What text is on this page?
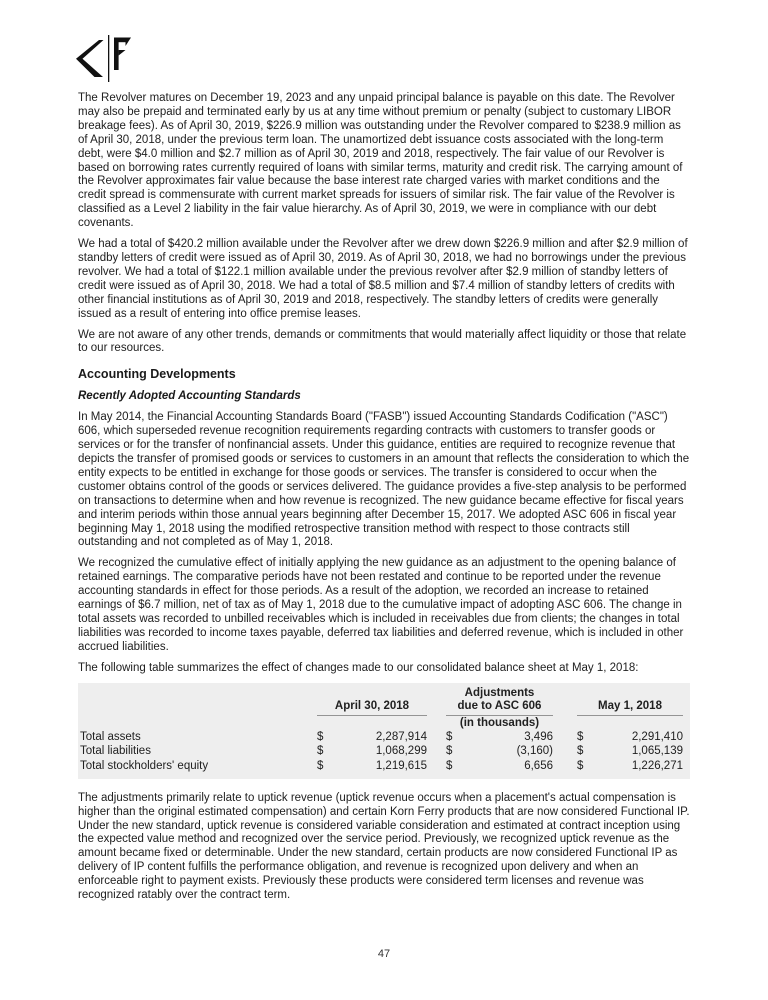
The Revolver matures on December 19, 2023 and any unpaid principal balance is payable on this date. The Revolver may also be prepaid and terminated early by us at any time without premium or penalty (subject to customary LIBOR breakage fees). As of April 30, 2019, $226.9 million was outstanding under the Revolver compared to $238.9 million as of April 30, 2018, under the previous term loan. The unamortized debt issuance costs associated with the long-term debt, were $4.0 million and $2.7 million as of April 30, 2019 and 2018, respectively. The fair value of our Revolver is based on borrowing rates currently required of loans with similar terms, maturity and credit risk. The carrying amount of the Revolver approximates fair value because the base interest rate charged varies with market conditions and the credit spread is commensurate with current market spreads for issuers of similar risk. The fair value of the Revolver is classified as a Level 2 liability in the fair value hierarchy. As of April 30, 2019, we were in compliance with our debt covenants.

We had a total of $420.2 million available under the Revolver after we drew down $226.9 million and after $2.9 million of standby letters of credit were issued as of April 30, 2019. As of April 30, 2018, we had no borrowings under the previous revolver. We had a total of $122.1 million available under the previous revolver after $2.9 million of standby letters of credit were issued as of April 30, 2018. We had a total of $8.5 million and $7.4 million of standby letters of credits with other financial institutions as of April 30, 2019 and 2018, respectively. The standby letters of credits were generally issued as a result of entering into office premise leases.

We are not aware of any other trends, demands or commitments that would materially affect liquidity or those that relate to our resources.

Accounting Developments
Recently Adopted Accounting Standards

In May 2014, the Financial Accounting Standards Board ("FASB") issued Accounting Standards Codification ("ASC") 606, which superseded revenue recognition requirements regarding contracts with customers to transfer goods or services or for the transfer of nonfinancial assets. Under this guidance, entities are required to recognize revenue that depicts the transfer of promised goods or services to customers in an amount that reflects the consideration to which the entity expects to be entitled in exchange for those goods or services. The transfer is considered to occur when the customer obtains control of the goods or services delivered. The guidance provides a five-step analysis to be performed on transactions to determine when and how revenue is recognized. The new guidance became effective for fiscal years and interim periods within those annual years beginning after December 15, 2017. We adopted ASC 606 in fiscal year beginning May 1, 2018 using the modified retrospective transition method with respect to those contracts still outstanding and not completed as of May 1, 2018.

We recognized the cumulative effect of initially applying the new guidance as an adjustment to the opening balance of retained earnings. The comparative periods have not been restated and continue to be reported under the revenue accounting standards in effect for those periods. As a result of the adoption, we recorded an increase to retained earnings of $6.7 million, net of tax as of May 1, 2018 due to the cumulative impact of adopting ASC 606. The change in total assets was recorded to unbilled receivables which is included in receivables due from clients; the changes in total liabilities was recorded to income taxes payable, deferred tax liabilities and deferred revenue, which is included in other accrued liabilities.

The following table summarizes the effect of changes made to our consolidated balance sheet at May 1, 2018:

April 30, 2018
Adjustments
due to ASC 606	May 1, 2018
(in thousands)
Total assets	$	2,287,914 $	3,496 $	2,291,410
Total liabilities	$	1,068,299 $	(3,160) $	1,065,139
Total stockholders' equity	$	1,219,615 $	6,656 $	1,226,271

The adjustments primarily relate to uptick revenue (uptick revenue occurs when a placement's actual compensation is higher than the original estimated compensation) and certain Korn Ferry products that are now considered Functional IP. Under the new standard, uptick revenue is considered variable consideration and estimated at contract inception using the expected value method and recognized over the service period. Previously, we recognized uptick revenue as the amount became fixed or determinable. Under the new standard, certain products are now considered Functional IP as delivery of IP content fulfills the performance obligation, and revenue is recognized upon delivery and when an enforceable right to payment exists. Previously these products were considered term licenses and revenue was recognized ratably over the contract term.

47
